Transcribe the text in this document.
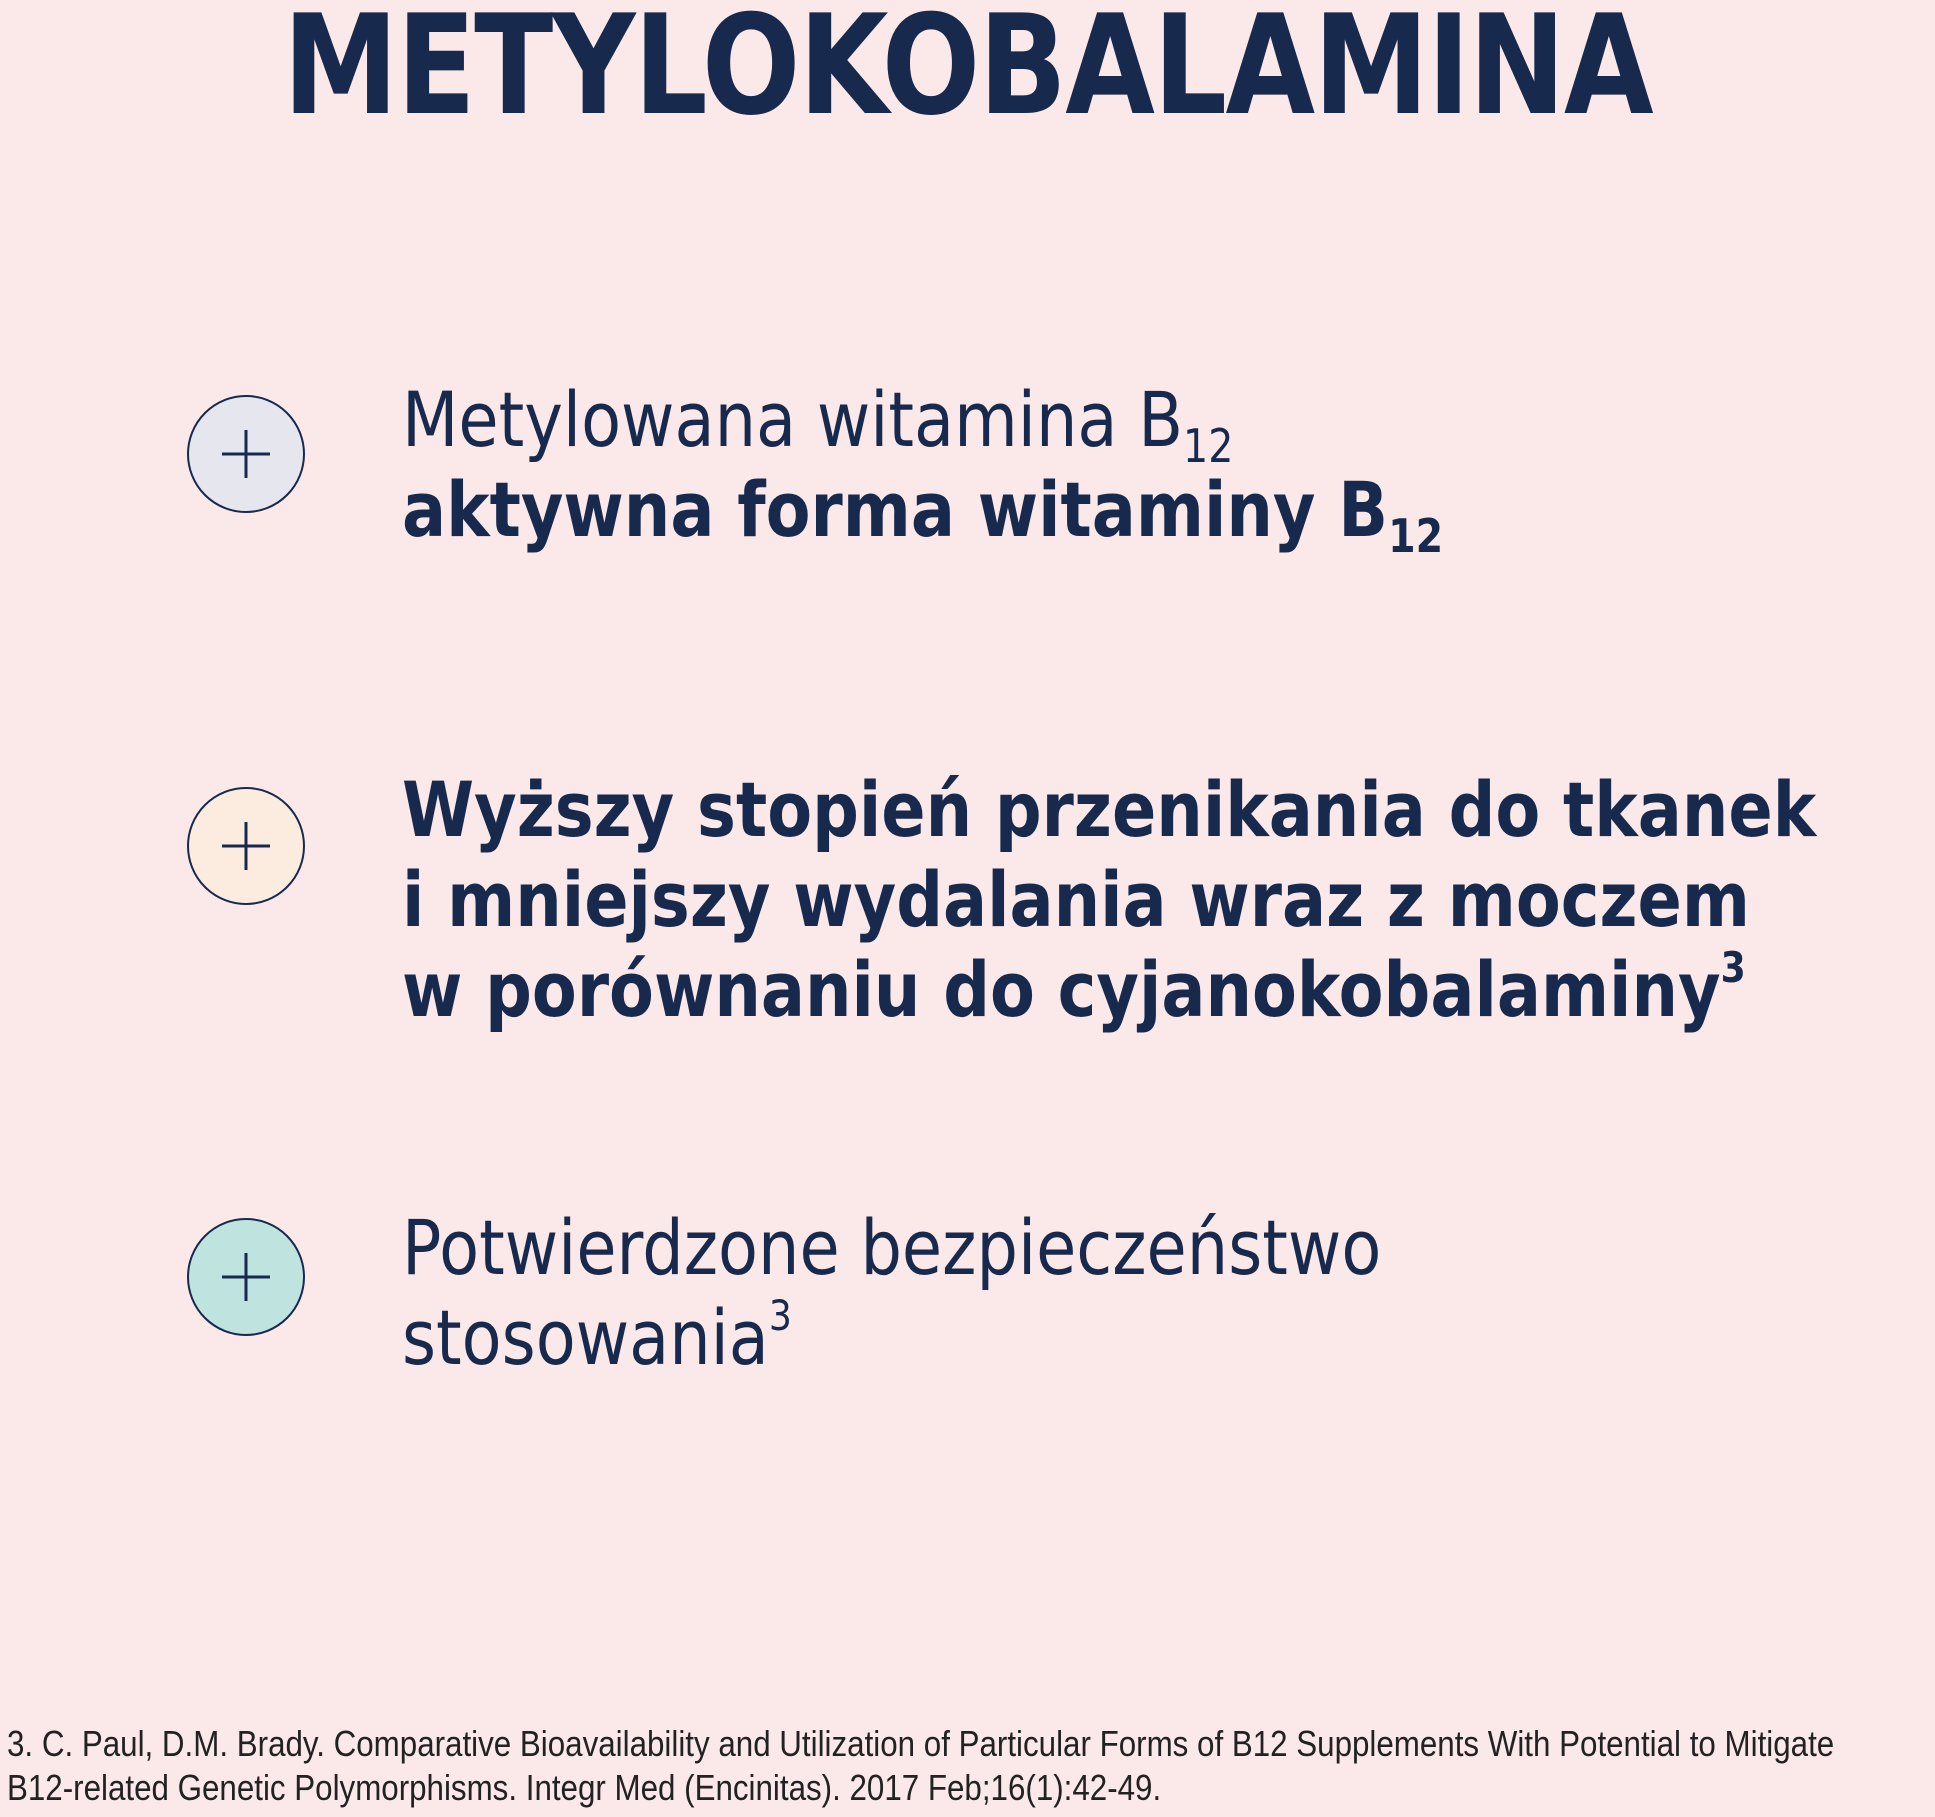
METYLOKOBALAMINA
Metylowana witamina $B_{12}$
aktywna forma witaminy $B_{12}$
Wyższy stopień przenikania do tkanek
i mniejszy wydalania wraz z moczem
w porównaniu do cyjanokobalaminy$^3$
Potwierdzone bezpieczeństwo
stosowania$^3$
3. C. Paul, D.M. Brady. Comparative Bioavailability and Utilization of Particular Forms of B12 Supplements With Potential to Mitigate
B12-related Genetic Polymorphisms. Integr Med (Encinitas). 2017 Feb;16(1):42-49.
